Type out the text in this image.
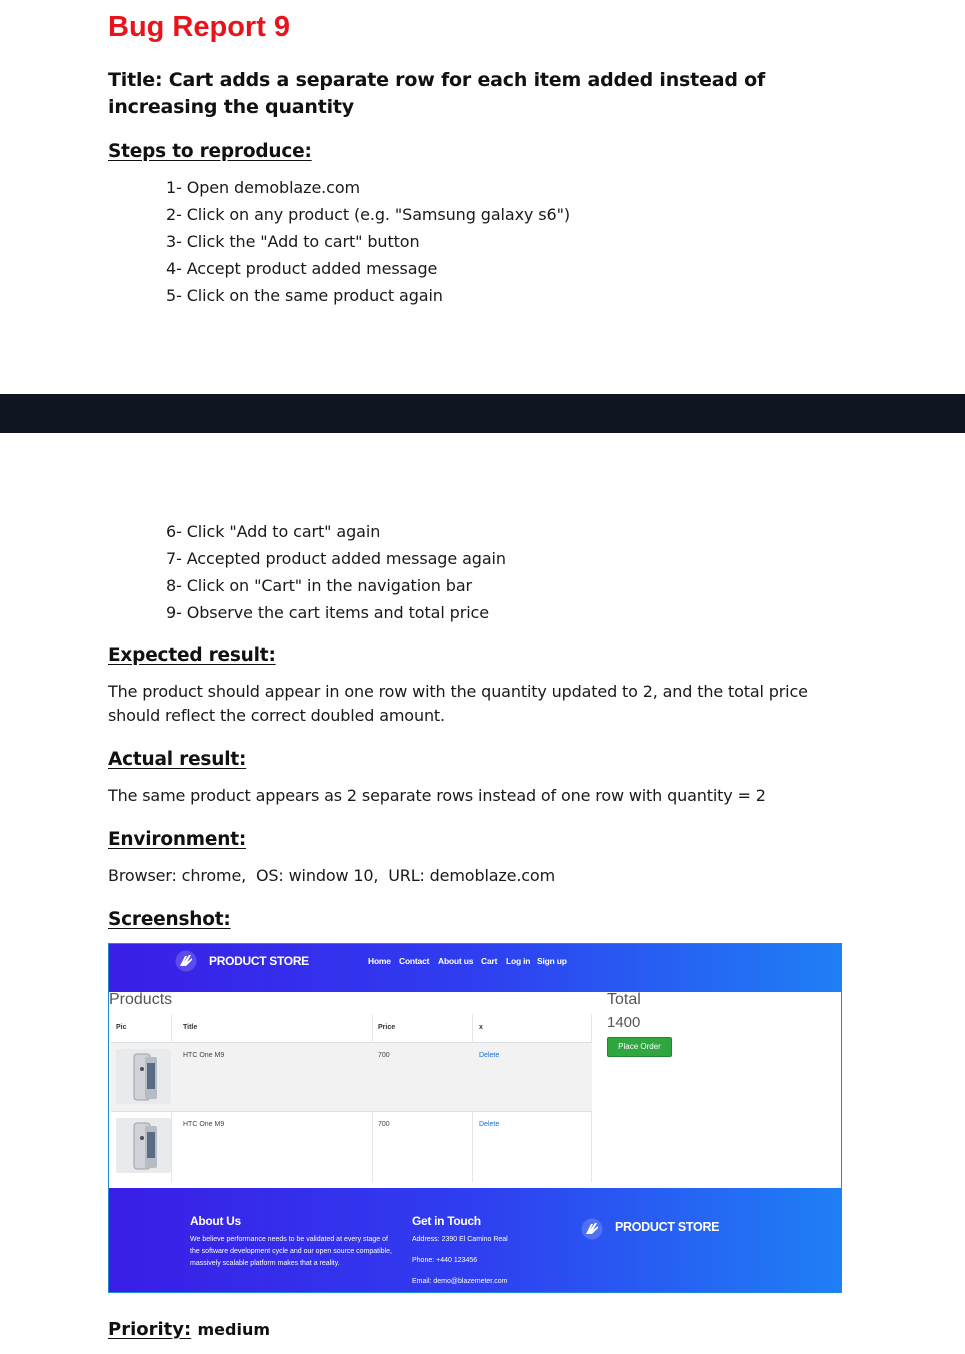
Bug Report 9
Title: Cart adds a separate row for each item added instead of increasing the quantity
Steps to reproduce:
1- Open demoblaze.com
2- Click on any product (e.g. "Samsung galaxy s6")
3- Click the "Add to cart" button
4- Accept product added message
5- Click on the same product again
6- Click "Add to cart" again
7- Accepted product added message again
8- Click on "Cart" in the navigation bar
9- Observe the cart items and total price
Expected result:
The product should appear in one row with the quantity updated to 2, and the total price should reflect the correct doubled amount.
Actual result:
The same product appears as 2 separate rows instead of one row with quantity = 2
Environment:
Browser: chrome,  OS: window 10,  URL: demoblaze.com
Screenshot:
PRODUCT STORE	Home Contact About us Cart Log in Sign up
Products	Total
1400
Place Order
Pic	Title	Price	x
HTC One M9	700	Delete
HTC One M9	700	Delete
About Us
We believe performance needs to be validated at every stage of the software development cycle and our open source compatible, massively scalable platform makes that a reality.
Get in Touch
Address: 2390 El Camino Real
Phone: +440 123456
Email: demo@blazemeter.com
PRODUCT STORE
Priority: medium
